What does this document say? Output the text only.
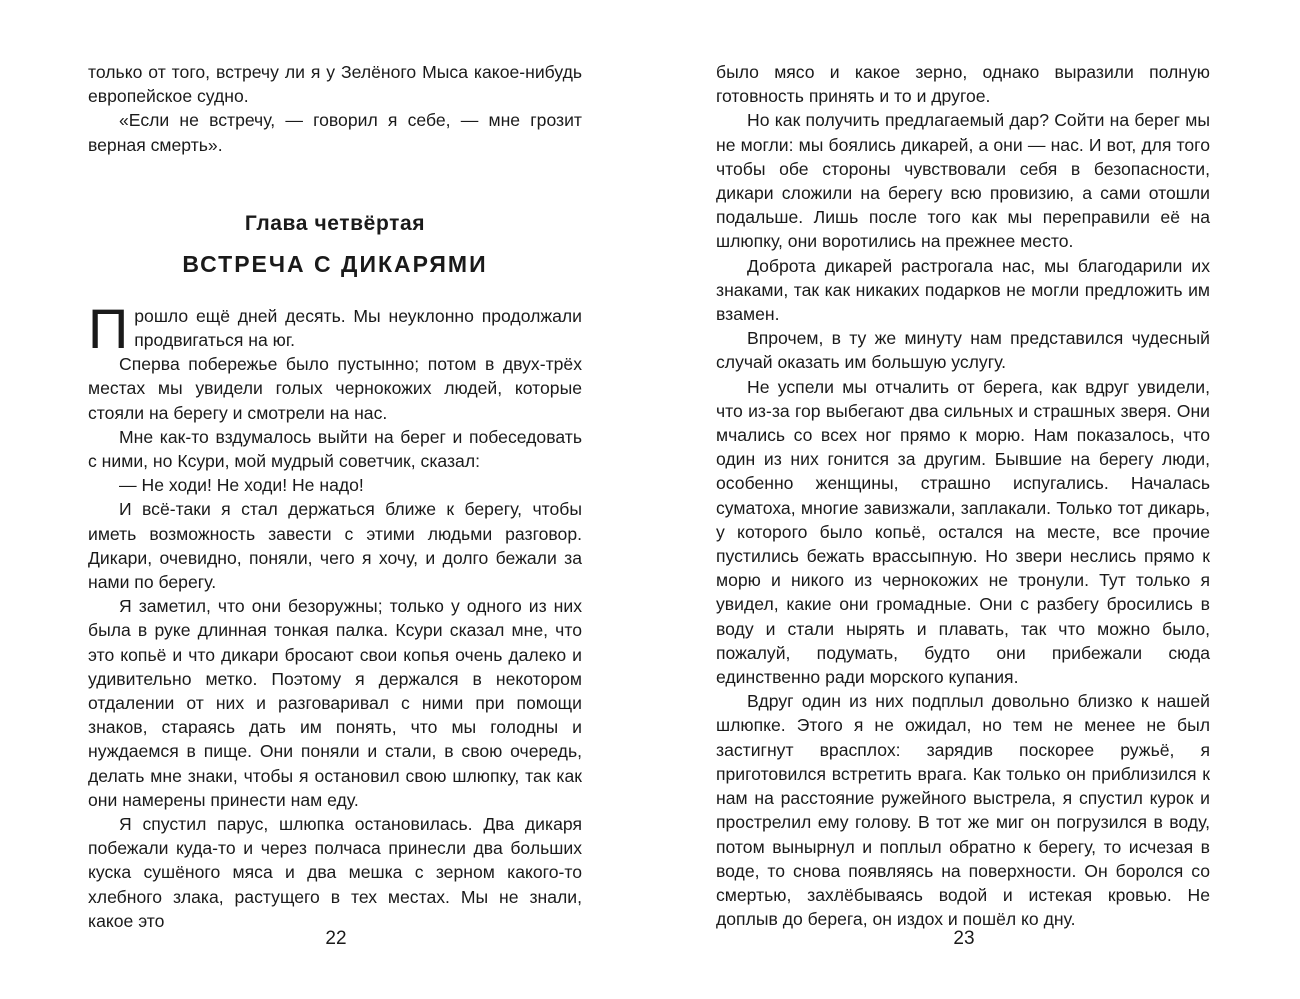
только от того, встречу ли я у Зелёного Мыса какое-нибудь европейское судно.

«Если не встречу, — говорил я себе, — мне грозит верная смерть».

Глава четвёртая
ВСТРЕЧА С ДИКАРЯМИ

Прошло ещё дней десять. Мы неуклонно продолжали продвигаться на юг.

Сперва побережье было пустынно; потом в двух-трёх местах мы увидели голых чернокожих людей, которые стояли на берегу и смотрели на нас.

Мне как-то вздумалось выйти на берег и побеседовать с ними, но Ксури, мой мудрый советчик, сказал:

— Не ходи! Не ходи! Не надо!

И всё-таки я стал держаться ближе к берегу, чтобы иметь возможность завести с этими людьми разговор. Дикари, очевидно, поняли, чего я хочу, и долго бежали за нами по берегу.

Я заметил, что они безоружны; только у одного из них была в руке длинная тонкая палка. Ксури сказал мне, что это копьё и что дикари бросают свои копья очень далеко и удивительно метко. Поэтому я держался в некотором отдалении от них и разговаривал с ними при помощи знаков, стараясь дать им понять, что мы голодны и нуждаемся в пище. Они поняли и стали, в свою очередь, делать мне знаки, чтобы я остановил свою шлюпку, так как они намерены принести нам еду.

Я спустил парус, шлюпка остановилась. Два дикаря побежали куда-то и через полчаса принесли два больших куска сушёного мяса и два мешка с зерном какого-то хлебного злака, растущего в тех местах. Мы не знали, какое это

22

было мясо и какое зерно, однако выразили полную готовность принять и то и другое.

Но как получить предлагаемый дар? Сойти на берег мы не могли: мы боялись дикарей, а они — нас. И вот, для того чтобы обе стороны чувствовали себя в безопасности, дикари сложили на берегу всю провизию, а сами отошли подальше. Лишь после того как мы переправили её на шлюпку, они воротились на прежнее место.

Доброта дикарей растрогала нас, мы благодарили их знаками, так как никаких подарков не могли предложить им взамен.

Впрочем, в ту же минуту нам представился чудесный случай оказать им большую услугу.

Не успели мы отчалить от берега, как вдруг увидели, что из-за гор выбегают два сильных и страшных зверя. Они мчались со всех ног прямо к морю. Нам показалось, что один из них гонится за другим. Бывшие на берегу люди, особенно женщины, страшно испугались. Началась суматоха, многие завизжали, заплакали. Только тот дикарь, у которого было копьё, остался на месте, все прочие пустились бежать врассыпную. Но звери неслись прямо к морю и никого из чернокожих не тронули. Тут только я увидел, какие они громадные. Они с разбегу бросились в воду и стали нырять и плавать, так что можно было, пожалуй, подумать, будто они прибежали сюда единственно ради морского купания.

Вдруг один из них подплыл довольно близко к нашей шлюпке. Этого я не ожидал, но тем не менее не был застигнут врасплох: зарядив поскорее ружьё, я приготовился встретить врага. Как только он приблизился к нам на расстояние ружейного выстрела, я спустил курок и прострелил ему голову. В тот же миг он погрузился в воду, потом вынырнул и поплыл обратно к берегу, то исчезая в воде, то снова появляясь на поверхности. Он боролся со смертью, захлёбываясь водой и истекая кровью. Не доплыв до берега, он издох и пошёл ко дну.

23
